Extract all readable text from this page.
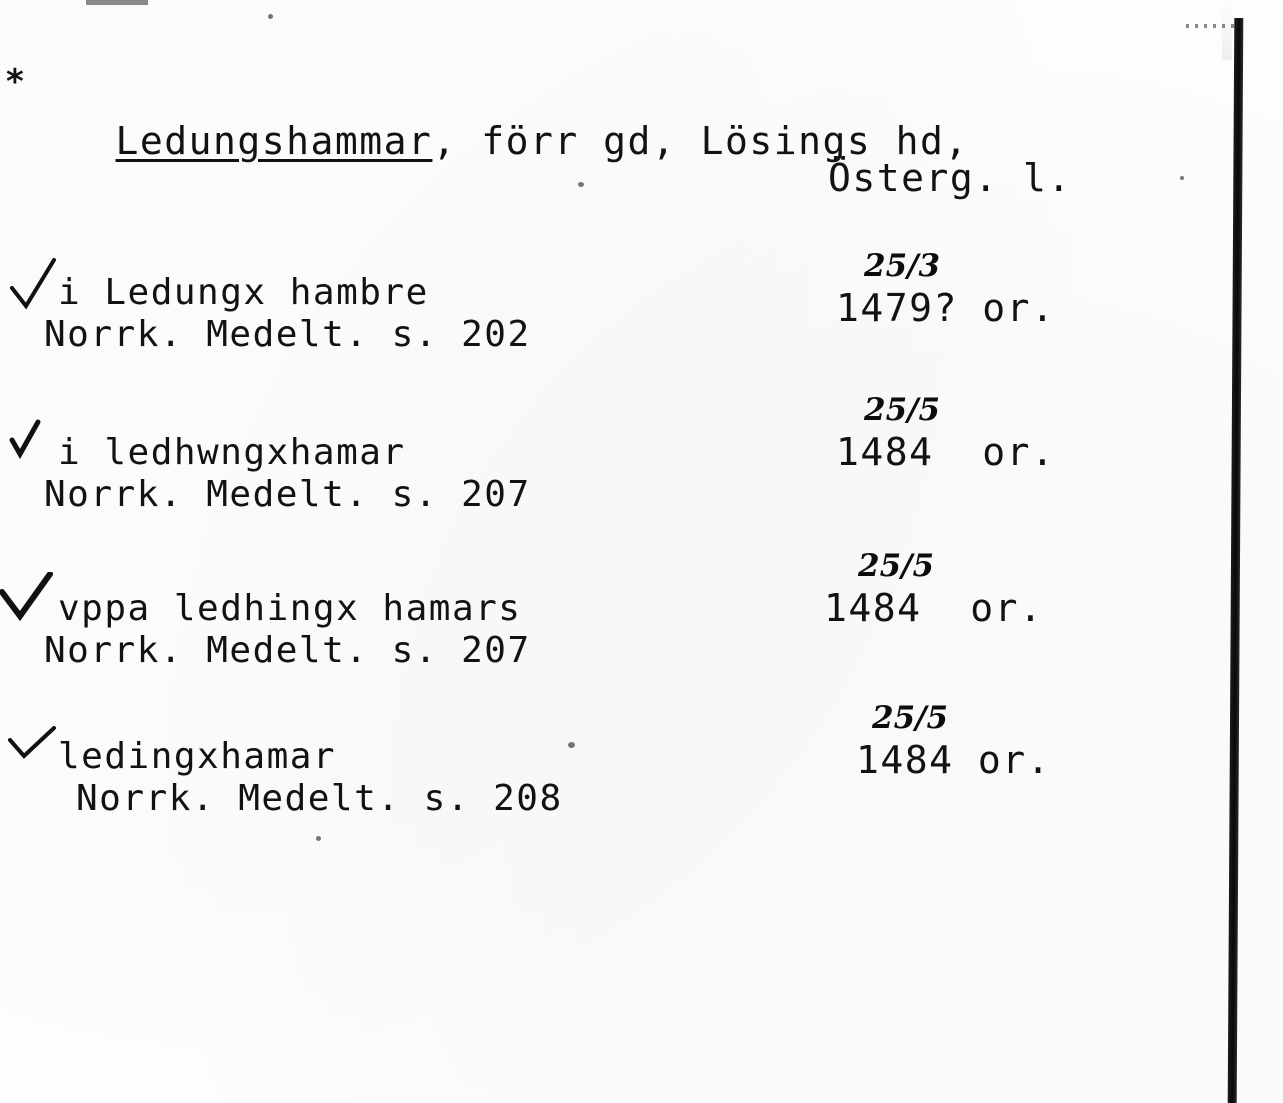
*

Ledungshammar, förr gd, Lösings hd,

Österg. l.
i Ledungx hambre
Norrk. Medelt. s. 202
25/3
1479? or.
i ledhwngxhamar
Norrk. Medelt. s. 207
25/5
1484  or.
vppa ledhingx hamars
Norrk. Medelt. s. 207
25/5
1484  or.
ledingxhamar
Norrk. Medelt. s. 208
25/5
1484 or.
